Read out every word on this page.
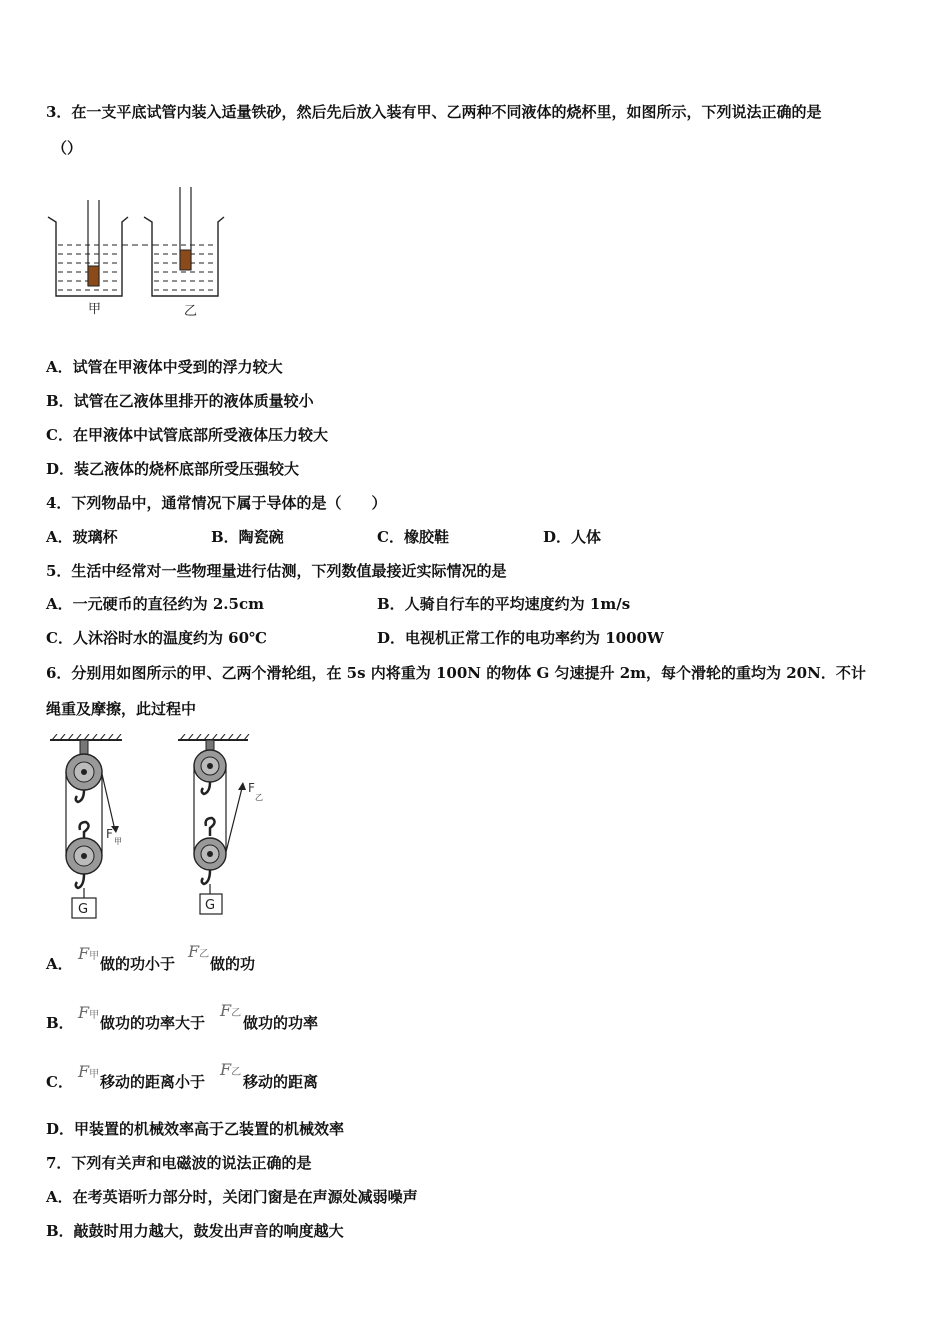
3．在一支平底试管内装入适量铁砂，然后先后放入装有甲、乙两种不同液体的烧杯里，如图所示，下列说法正确的是
（）
甲	乙
A．试管在甲液体中受到的浮力较大
B．试管在乙液体里排开的液体质量较小
C．在甲液体中试管底部所受液体压力较大
D．装乙液体的烧杯底部所受压强较大
4．下列物品中，通常情况下属于导体的是（　　）
A．玻璃杯	B．陶瓷碗	C．橡胶鞋	D．人体
5．生活中经常对一些物理量进行估测，下列数值最接近实际情况的是
A．一元硬币的直径约为 2.5cm	B．人骑自行车的平均速度约为 1m/s
C．人沐浴时水的温度约为 60℃	D．电视机正常工作的电功率约为 1000W
6．分别用如图所示的甲、乙两个滑轮组，在 5s 内将重为 100N 的物体 G 匀速提升 2m，每个滑轮的重均为 20N．不计
绳重及摩擦，此过程中
G
F
甲
G
F
乙
A．
F甲 做的功小于
F乙
做的功
B．
F甲 做功的功率大于
F乙
做功的功率
C．
F甲 移动的距离小于
F乙
移动的距离
D．甲装置的机械效率高于乙装置的机械效率
7．下列有关声和电磁波的说法正确的是
A．在考英语听力部分时，关闭门窗是在声源处减弱噪声
B．敲鼓时用力越大，鼓发出声音的响度越大
